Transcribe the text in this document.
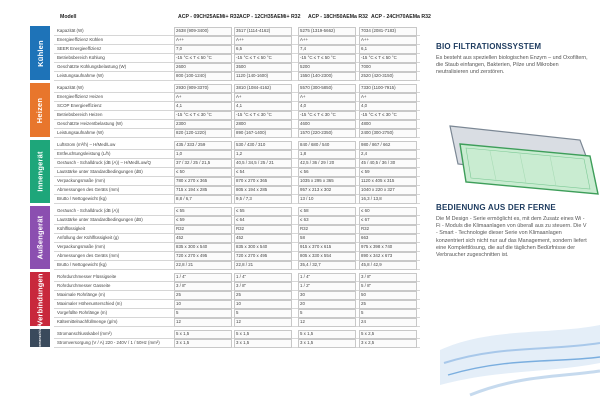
Modell	ACP - 09CH25AEMi+ R32 ACP - 12CH35AEMi+ R32 ACP - 18CH50AEMa R32 ACP - 24CH70AEMa R32
Kühlen
Kapazität (W)	2638 (909-3400)	3517 (1114-4162)	5275 (1319-5662)	7034 (2081-7183)
Energieeffizienz Kühlen	A++	A++	A++	A++
SEER Energieeffizienz	7,0	6,5	7,4	6,1
Betriebsbereich Kühlung	-15 °C ≤ T ≤ 50 °C	-15 °C ≤ T ≤ 50 °C	-15 °C ≤ T ≤ 50 °C	-15 °C ≤ T ≤ 50 °C
Geschätzte Kühlungsbelastung (W)	2600	3500	5200	7000
Leistungsaufnahme (W)	800 (100-1240)	1120 (140-1600)	1550 (140-2300)	2520 (420-3150)
Heizen
Kapazität (W)	2930 (909-3370)	3810 (1084-4162)	5570 (300-5850)	7330 (1100-7915)
Energieeffizienz Heizen	A+	A+	A+	A+
SCOP Energieeffizienz	4,1	4,1	4,0	4,0
Betriebsbereich Heizen	-15 °C ≤ T ≤ 30 °C	-15 °C ≤ T ≤ 30 °C	-15 °C ≤ T ≤ 30 °C	-15 °C ≤ T ≤ 30 °C
Geschätzte Heizentbelastung (W)	2300	2800	4600	4800
Leistungsaufnahme (W)	820 (120-1220)	890 (167-1400)	1570 (220-2350)	2400 (300-2750)
Innengerät
Luftstrom (m³/h) – H/Med/Low	435 / 333 / 259	530 / 430 / 310	840 / 680 / 540	980 / 867 / 662
Entfeuchtungsleistung (L/h)	1,0	1,2	1,8	2,4
Geräusch - Schalldruck (dB (A)) – H/Med/Low/Q	37 / 32 / 25 / 21,5	40,5 / 34,5 / 25 / 21	42,5 / 36 / 29 / 20	45 / 40,5 / 36 / 30
Lautstärke unter Standardbedingungen (dB)	≤ 50	≤ 54	≤ 56	≤ 59
Verpackungsmaße (mm)	780 x 270 x 365	870 x 270 x 365	1035 x 295 x 365	1120 x 405 x 315
Abmessungen des Geräts (mm)	715 x 194 x 285	805 x 194 x 285	957 x 213 x 302	1040 x 220 x 327
Brutto / Nettogewicht (kg)	8,8 / 6,7	9,5 / 7,3	13 / 10	16,3 / 13,8
Außengerät
Geräusch - Schalldruck (dB (A))	≤ 55	≤ 55	≤ 58	≤ 60
Lautstärke unter Standardbedingungen (dB)	≤ 59	≤ 64	≤ 63	≤ 67
Kühlflüssigkeit	R32	R32	R32	R32
Anfüllung der Kühlflüssigkeit (g)	452	452	58	663
Verpackungsmaße (mm)	835 x 300 x 540	835 x 300 x 540	915 x 370 x 615	975 x 398 x 740
Abmessungen des Geräts (mm)	720 x 270 x 495	720 x 270 x 495	805 x 330 x 554	890 x 342 x 673
Brutto / Nettogewicht (kg)	22,8 / 21	22,8 / 21	35,4 / 32,7	45,8 / 42,9
Verbindungen	Rohrdurchmesser Flüssigseite	1 / 4"	1 / 4"	1 / 4"	3 / 8"
Rohrdurchmesser Gasseite	3 / 8"	3 / 8"	1 / 2"	5 / 8"
Maximale Rohrlänge (m)	25	25	30	50
Maximaler Höhenunterschied (m)	10	10	20	25
Vorgefüllte Rohrlänge (m)	5	5	5	5
Kältemittelnachfüllmenge (g/m)	12	12	12	24
Stromanschluss	Stromanschlusskabel (mm²)	5 x 1,5	5 x 1,5	5 x 1,5	5 x 2,5
Stromversorgung (V / A) 220 - 240V / 1 / 50Hz (mm²)	3 x 1,5	3 x 1,5	3 x 1,5	3 x 2,5
BIO FILTRATIONSSYSTEM

Es besteht aus speziellen biologischen Enzym – und Oxofiltern, die Staub einfangen, Bakterien, Pilze und Mikroben neutralisieren und zerstören.

BEDIENUNG AUS DER FERNE

Die M Design - Serie ermöglicht es, mit dem Zusatz eines Wi - Fi - Moduls die Klimaanlagen von überall aus zu steuern. Die V - Smart - Technologie dieser Serie von Klimaanlagen konzentriert sich nicht nur auf das Management, sondern liefert eine Komplettlösung, die auf die täglichen Bedürfnisse der Verbraucher zugeschnitten ist.
